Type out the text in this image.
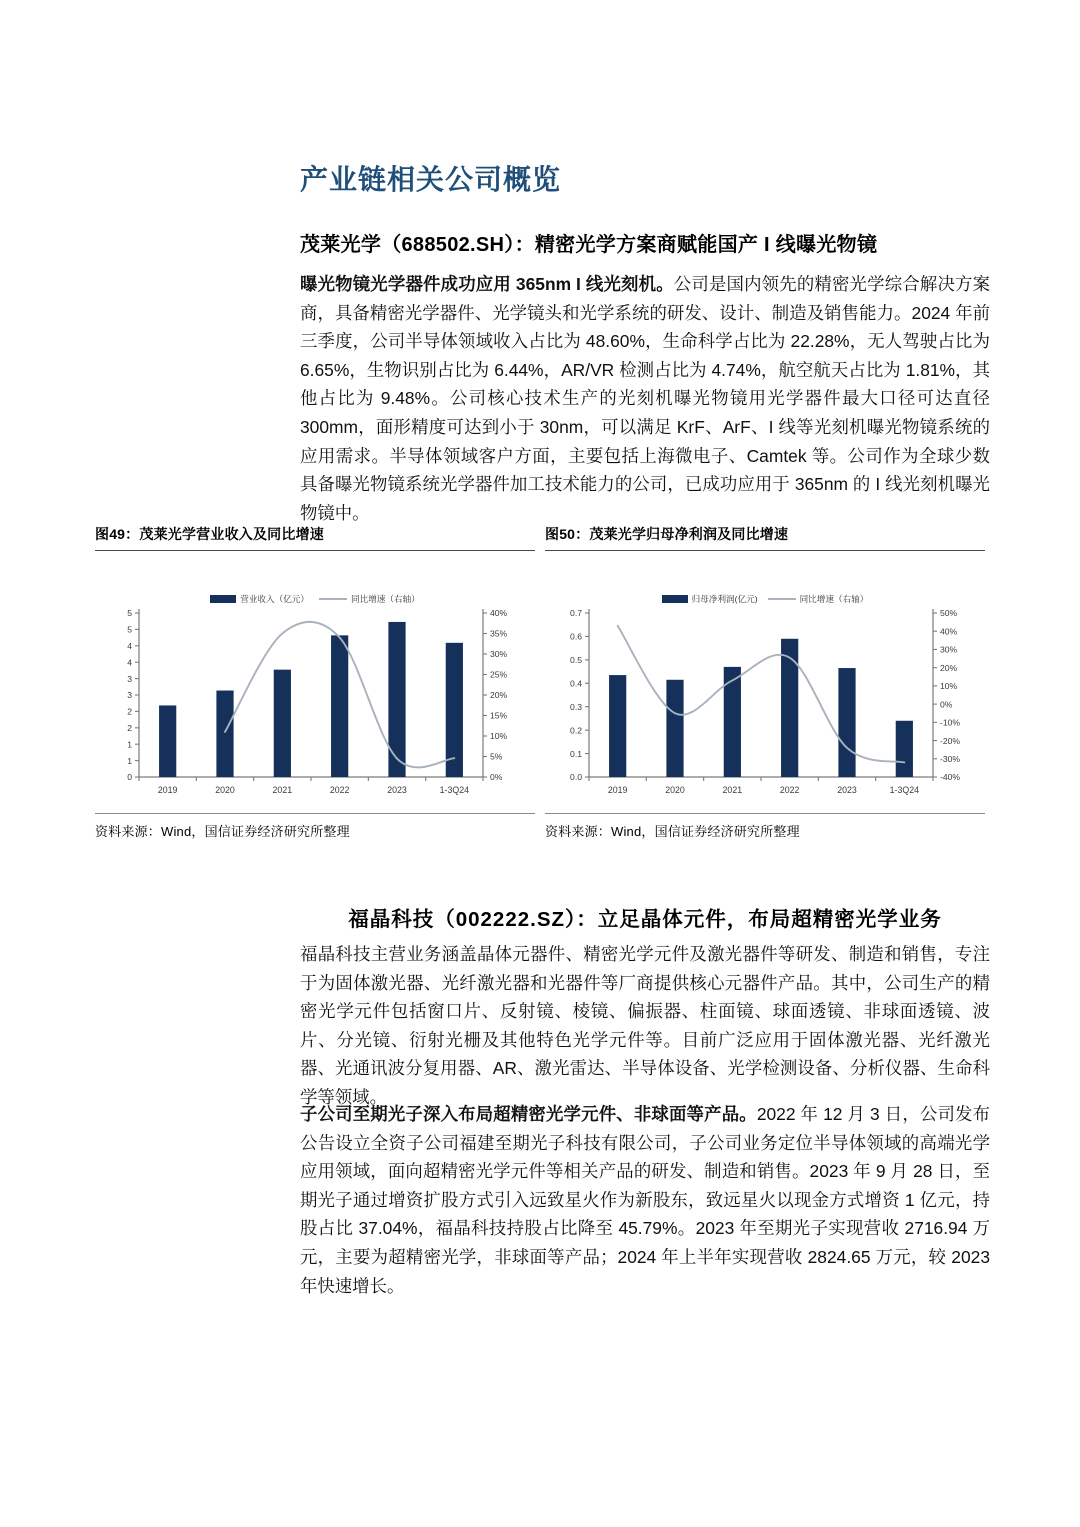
产业链相关公司概览
茂莱光学（688502.SH）：精密光学方案商赋能国产 I 线曝光物镜
曝光物镜光学器件成功应用 365nm I 线光刻机。公司是国内领先的精密光学综合解决方案商，具备精密光学器件、光学镜头和光学系统的研发、设计、制造及销售能力。2024 年前三季度，公司半导体领域收入占比为 48.60%，生命科学占比为 22.28%，无人驾驶占比为 6.65%，生物识别占比为 6.44%，AR/VR 检测占比为 4.74%，航空航天占比为 1.81%，其他占比为 9.48%。公司核心技术生产的光刻机曝光物镜用光学器件最大口径可达直径 300mm，面形精度可达到小于 30nm，可以满足 KrF、ArF、I 线等光刻机曝光物镜系统的应用需求。半导体领域客户方面，主要包括上海微电子、Camtek 等。公司作为全球少数具备曝光物镜系统光学器件加工技术能力的公司，已成功应用于 365nm 的 I 线光刻机曝光物镜中。
图49：茂莱光学营业收入及同比增速
营业收入（亿元）	同比增速（右轴）
0
1
1
2
2
3
3
4
4
5
5
0%
5%
10%
15%
20%
25%
30%
35%
40%
2019	2020	2021	2022	2023	1-3Q24
资料来源：Wind，国信证券经济研究所整理
图50：茂莱光学归母净利润及同比增速
归母净利润(亿元)	同比增速（右轴）
0.0
0.1
0.2
0.3
0.4
0.5
0.6
0.7
-40%
-30%
-20%
-10%
0%
10%
20%
30%
40%
50%
2019	2020	2021	2022	2023	1-3Q24
资料来源：Wind，国信证券经济研究所整理
福晶科技（002222.SZ）：立足晶体元件，布局超精密光学业务
福晶科技主营业务涵盖晶体元器件、精密光学元件及激光器件等研发、制造和销售，专注于为固体激光器、光纤激光器和光器件等厂商提供核心元器件产品。其中，公司生产的精密光学元件包括窗口片、反射镜、棱镜、偏振器、柱面镜、球面透镜、非球面透镜、波片、分光镜、衍射光栅及其他特色光学元件等。目前广泛应用于固体激光器、光纤激光器、光通讯波分复用器、AR、激光雷达、半导体设备、光学检测设备、分析仪器、生命科学等领域。
子公司至期光子深入布局超精密光学元件、非球面等产品。2022 年 12 月 3 日，公司发布公告设立全资子公司福建至期光子科技有限公司，子公司业务定位半导体领域的高端光学应用领域，面向超精密光学元件等相关产品的研发、制造和销售。2023 年 9 月 28 日，至期光子通过增资扩股方式引入远致星火作为新股东，致远星火以现金方式增资 1 亿元，持股占比 37.04%，福晶科技持股占比降至 45.79%。2023 年至期光子实现营收 2716.94 万元，主要为超精密光学，非球面等产品；2024 年上半年实现营收 2824.65 万元，较 2023 年快速增长。
